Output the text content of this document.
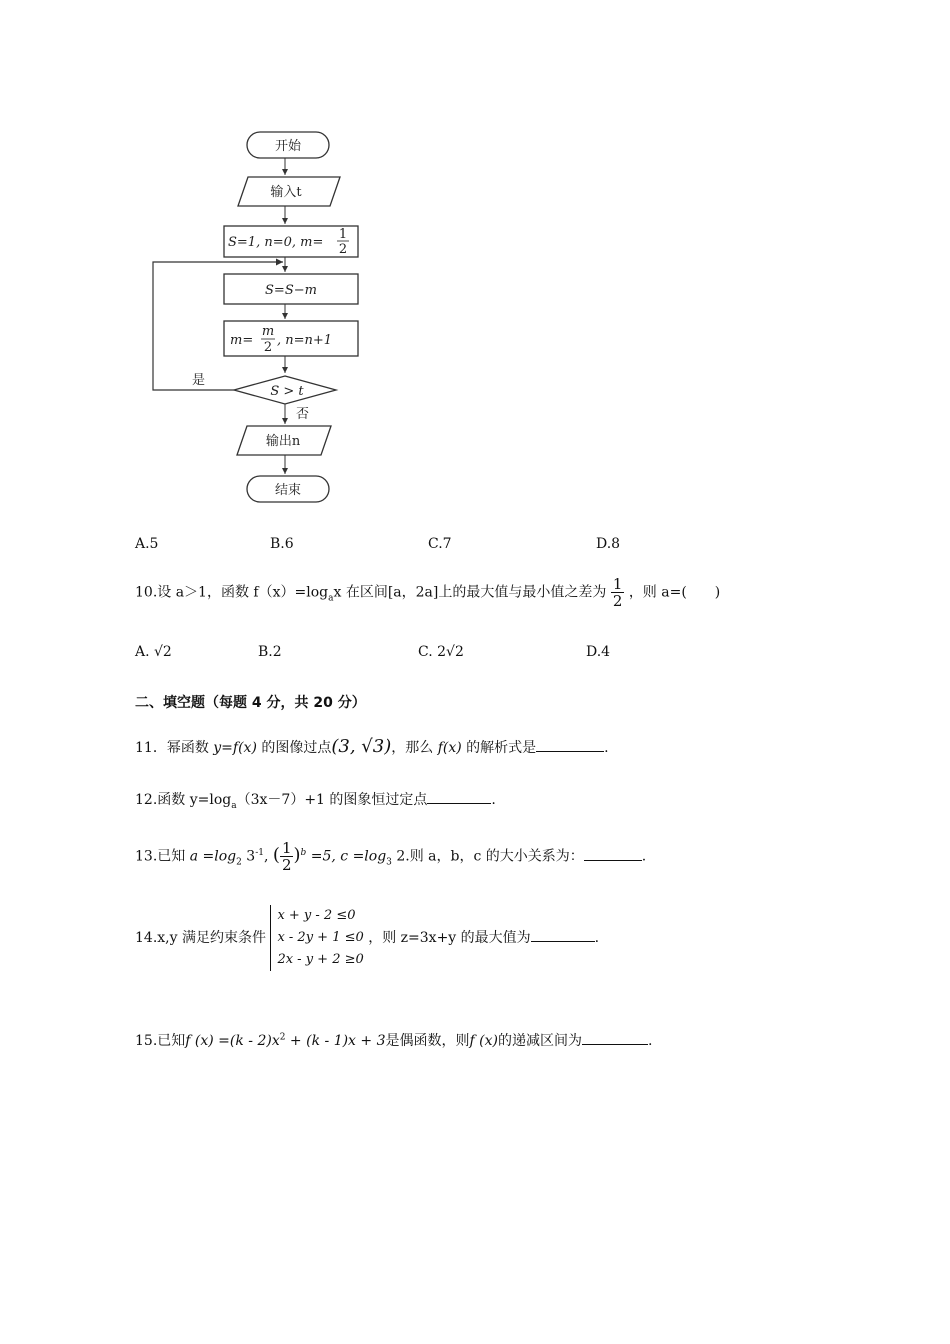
开始
输入t
S=1, n=0, m=
1
2
S=S−m
m=
m
2 , n=n+1
S > t
是
否
输出n
结束
A.5	B.6	C.7	D.8
10.设 a＞1，函数 $f(x)=\log_ax$ 在区间[a，2a]上的最大值与最小值之差为 $\frac{1}{2}$ ，则 a=(　　)
A. √2	B.2	C. 2√2	D.4
二、填空题（每题 4 分，共 20 分）
11．幂函数 y=f(x) 的图像过点(3, √3)，那么 f(x) 的解析式是	.
12.函数 $y=\log_a(3x-7)+1$ 的图象恒过定点	.
13.已知 $a =\log_2$ $3^{-1}$, ( $\frac{1}{2} )^b =5$, $c =\log_3$ 2.则 a，b，c 的大小关系为：	.
14.x,y 满足约束条件
x + y - 2 ≤0
x - 2y + 1 ≤0
2x - y + 2 ≥0
，则 z=3x+y 的最大值为	.
15.已知f $(x) =(k - 2)x^2 + (k - 1)x + 3$是偶函数，则f (x)的递减区间为	.
